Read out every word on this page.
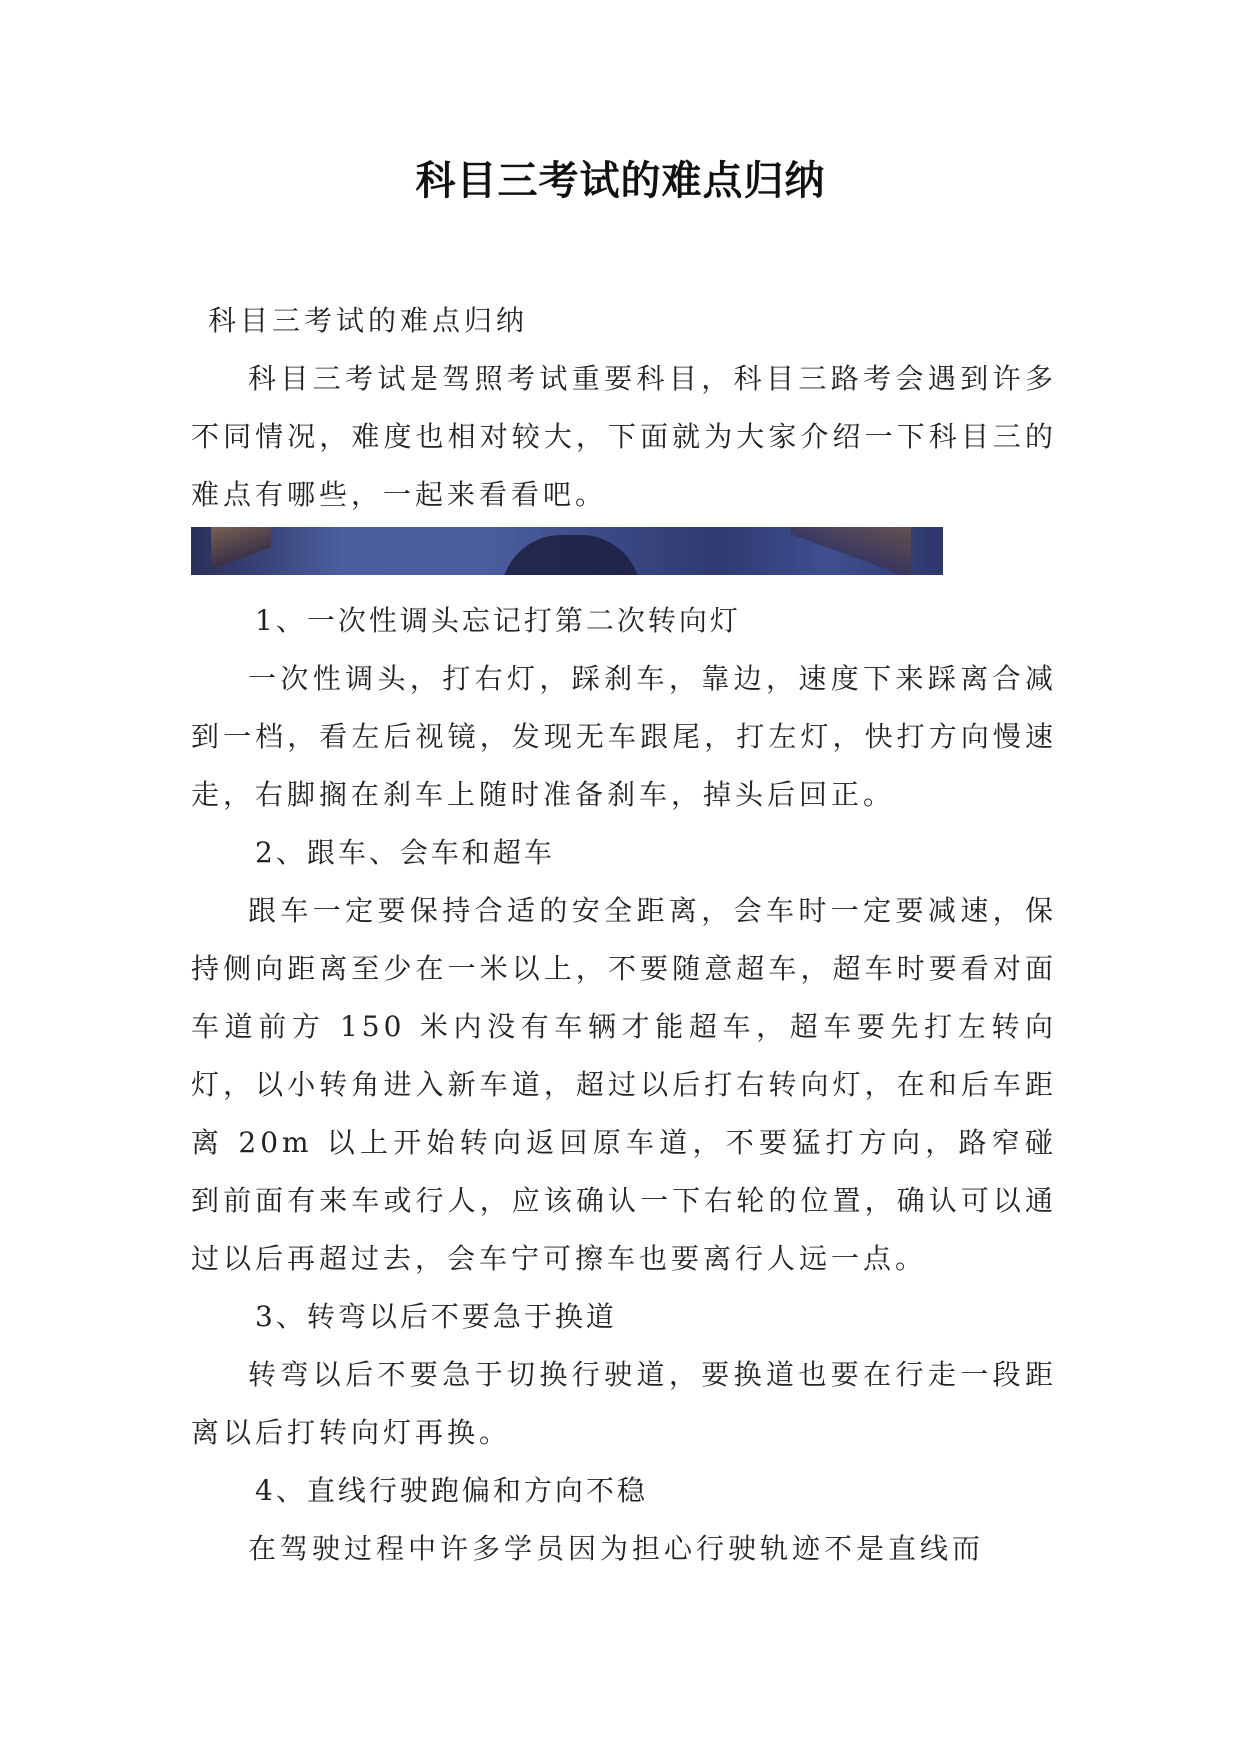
科目三考试的难点归纳

科目三考试的难点归纳

科目三考试是驾照考试重要科目，科目三路考会遇到许多不同情况，难度也相对较大，下面就为大家介绍一下科目三的难点有哪些，一起来看看吧。

1、一次性调头忘记打第二次转向灯

一次性调头，打右灯，踩刹车，靠边，速度下来踩离合减到一档，看左后视镜，发现无车跟尾，打左灯，快打方向慢速走，右脚搁在刹车上随时准备刹车，掉头后回正。

2、跟车、会车和超车

跟车一定要保持合适的安全距离，会车时一定要减速，保持侧向距离至少在一米以上，不要随意超车，超车时要看对面车道前方 150 米内没有车辆才能超车，超车要先打左转向灯，以小转角进入新车道，超过以后打右转向灯，在和后车距离 20m 以上开始转向返回原车道，不要猛打方向，路窄碰到前面有来车或行人，应该确认一下右轮的位置，确认可以通过以后再超过去，会车宁可擦车也要离行人远一点。

3、转弯以后不要急于换道

转弯以后不要急于切换行驶道，要换道也要在行走一段距离以后打转向灯再换。

4、直线行驶跑偏和方向不稳

在驾驶过程中许多学员因为担心行驶轨迹不是直线而
